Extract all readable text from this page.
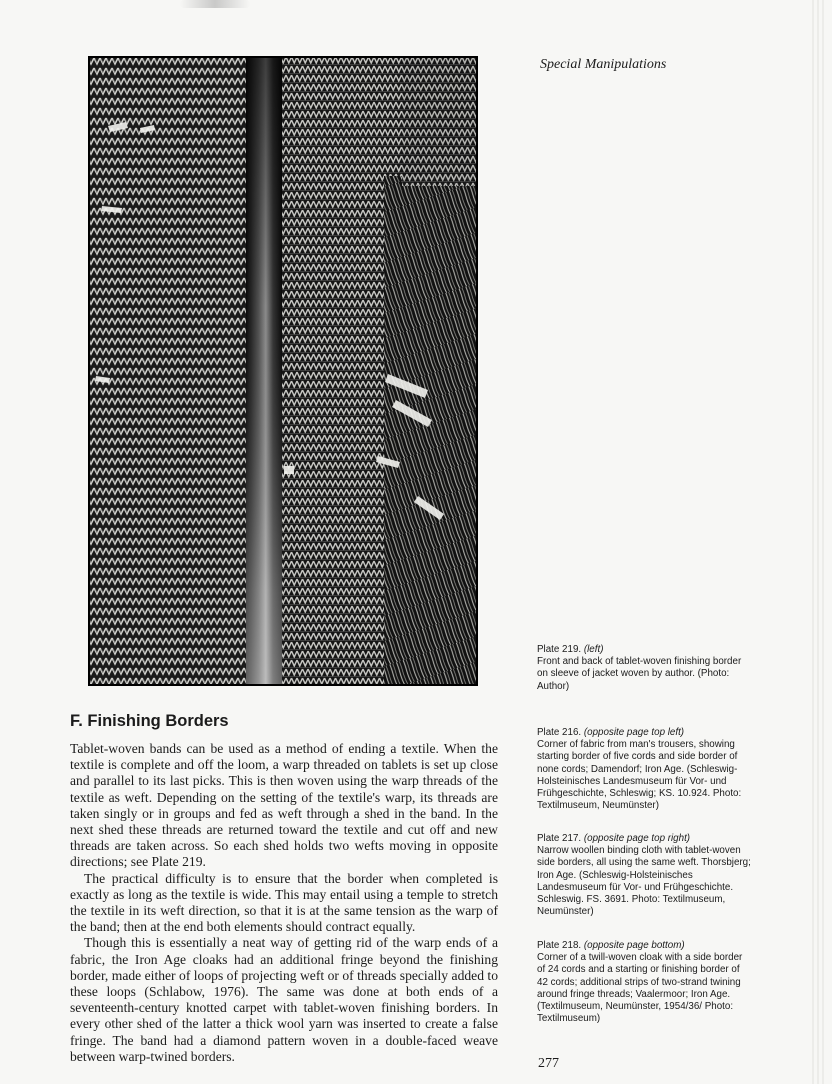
Special Manipulations
F. Finishing Borders

Tablet-woven bands can be used as a method of ending a textile. When the textile is complete and off the loom, a warp threaded on tablets is set up close and parallel to its last picks. This is then woven using the warp threads of the textile as weft. Depending on the setting of the textile's warp, its threads are taken singly or in groups and fed as weft through a shed in the band. In the next shed these threads are returned toward the textile and cut off and new threads are taken across. So each shed holds two wefts moving in opposite directions; see Plate 219.

The practical difficulty is to ensure that the border when completed is exactly as long as the textile is wide. This may entail using a temple to stretch the textile in its weft direction, so that it is at the same tension as the warp of the band; then at the end both elements should contract equally.

Though this is essentially a neat way of getting rid of the warp ends of a fabric, the Iron Age cloaks had an additional fringe beyond the finishing border, made either of loops of projecting weft or of threads specially added to these loops (Schlabow, 1976). The same was done at both ends of a seventeenth-century knotted carpet with tablet-woven finishing borders. In every other shed of the latter a thick wool yarn was inserted to create a false fringe. The band had a diamond pattern woven in a double-faced weave between warp-twined borders.

Plate 219. (left)
Front and back of tablet-woven finishing border on sleeve of jacket woven by author. (Photo: Author)
Plate 216. (opposite page top left)
Corner of fabric from man's trousers, showing starting border of five cords and side border of none cords; Damendorf; Iron Age. (Schleswig-Holsteinisches Landesmuseum für Vor- und Frühgeschichte, Schleswig; KS. 10.924. Photo: Textilmuseum, Neumünster)
Plate 217. (opposite page top right)
Narrow woollen binding cloth with tablet-woven side borders, all using the same weft. Thorsbjerg; Iron Age. (Schleswig-Holsteinisches Landesmuseum für Vor- und Frühgeschichte. Schleswig. FS. 3691. Photo: Textilmuseum, Neumünster)
Plate 218. (opposite page bottom)
Corner of a twill-woven cloak with a side border of 24 cords and a starting or finishing border of 42 cords; additional strips of two-strand twining around fringe threads; Vaalermoor; Iron Age. (Textilmuseum, Neumünster, 1954/36/ Photo: Textilmuseum)
277
